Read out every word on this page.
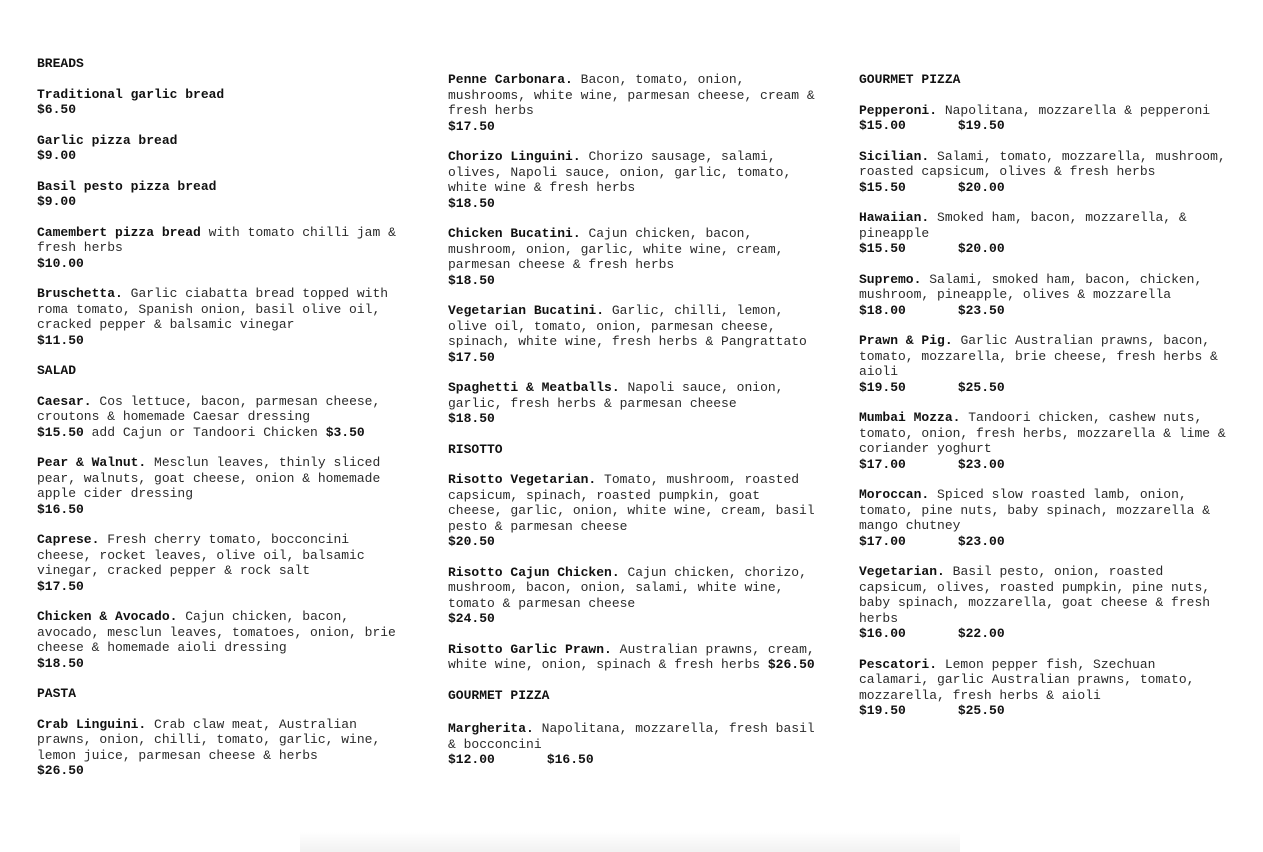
BREADS
Traditional garlic bread
$6.50
Garlic pizza bread
$9.00
Basil pesto pizza bread
$9.00
Camembert pizza bread with tomato chilli jam & fresh herbs
$10.00
Bruschetta. Garlic ciabatta bread topped with roma tomato, Spanish onion, basil olive oil, cracked pepper & balsamic vinegar
$11.50
SALAD
Caesar. Cos lettuce, bacon, parmesan cheese, croutons & homemade Caesar dressing
$15.50 add Cajun or Tandoori Chicken $3.50
Pear & Walnut. Mesclun leaves, thinly sliced pear, walnuts, goat cheese, onion & homemade apple cider dressing
$16.50
Caprese. Fresh cherry tomato, bocconcini cheese, rocket leaves, olive oil, balsamic vinegar, cracked pepper & rock salt
$17.50
Chicken & Avocado. Cajun chicken, bacon, avocado, mesclun leaves, tomatoes, onion, brie cheese & homemade aioli dressing
$18.50
PASTA
Crab Linguini. Crab claw meat, Australian prawns, onion, chilli, tomato, garlic, wine, lemon juice, parmesan cheese & herbs
$26.50
Penne Carbonara. Bacon, tomato, onion, mushrooms, white wine, parmesan cheese, cream & fresh herbs
$17.50
Chorizo Linguini. Chorizo sausage, salami, olives, Napoli sauce, onion, garlic, tomato, white wine & fresh herbs
$18.50
Chicken Bucatini. Cajun chicken, bacon, mushroom, onion, garlic, white wine, cream, parmesan cheese & fresh herbs
$18.50
Vegetarian Bucatini. Garlic, chilli, lemon, olive oil, tomato, onion, parmesan cheese, spinach, white wine, fresh herbs & Pangrattato
$17.50
Spaghetti & Meatballs. Napoli sauce, onion, garlic, fresh herbs & parmesan cheese
$18.50
RISOTTO
Risotto Vegetarian. Tomato, mushroom, roasted capsicum, spinach, roasted pumpkin, goat cheese, garlic, onion, white wine, cream, basil pesto & parmesan cheese
$20.50
Risotto Cajun Chicken. Cajun chicken, chorizo, mushroom, bacon, onion, salami, white wine, tomato & parmesan cheese
$24.50
Risotto Garlic Prawn. Australian prawns, cream, white wine, onion, spinach & fresh herbs $26.50
GOURMET PIZZA
Margherita. Napolitana, mozzarella, fresh basil & bocconcini
$12.00	$16.50
GOURMET PIZZA
Pepperoni. Napolitana, mozzarella & pepperoni
$15.00	$19.50
Sicilian. Salami, tomato, mozzarella, mushroom, roasted capsicum, olives & fresh herbs
$15.50	$20.00
Hawaiian. Smoked ham, bacon, mozzarella, & pineapple
$15.50	$20.00
Supremo. Salami, smoked ham, bacon, chicken, mushroom, pineapple, olives & mozzarella
$18.00	$23.50
Prawn & Pig. Garlic Australian prawns, bacon, tomato, mozzarella, brie cheese, fresh herbs & aioli
$19.50	$25.50
Mumbai Mozza. Tandoori chicken, cashew nuts, tomato, onion, fresh herbs, mozzarella & lime & coriander yoghurt
$17.00	$23.00
Moroccan. Spiced slow roasted lamb, onion, tomato, pine nuts, baby spinach, mozzarella & mango chutney
$17.00	$23.00
Vegetarian. Basil pesto, onion, roasted capsicum, olives, roasted pumpkin, pine nuts, baby spinach, mozzarella, goat cheese & fresh herbs
$16.00	$22.00
Pescatori. Lemon pepper fish, Szechuan calamari, garlic Australian prawns, tomato, mozzarella, fresh herbs & aioli
$19.50	$25.50
